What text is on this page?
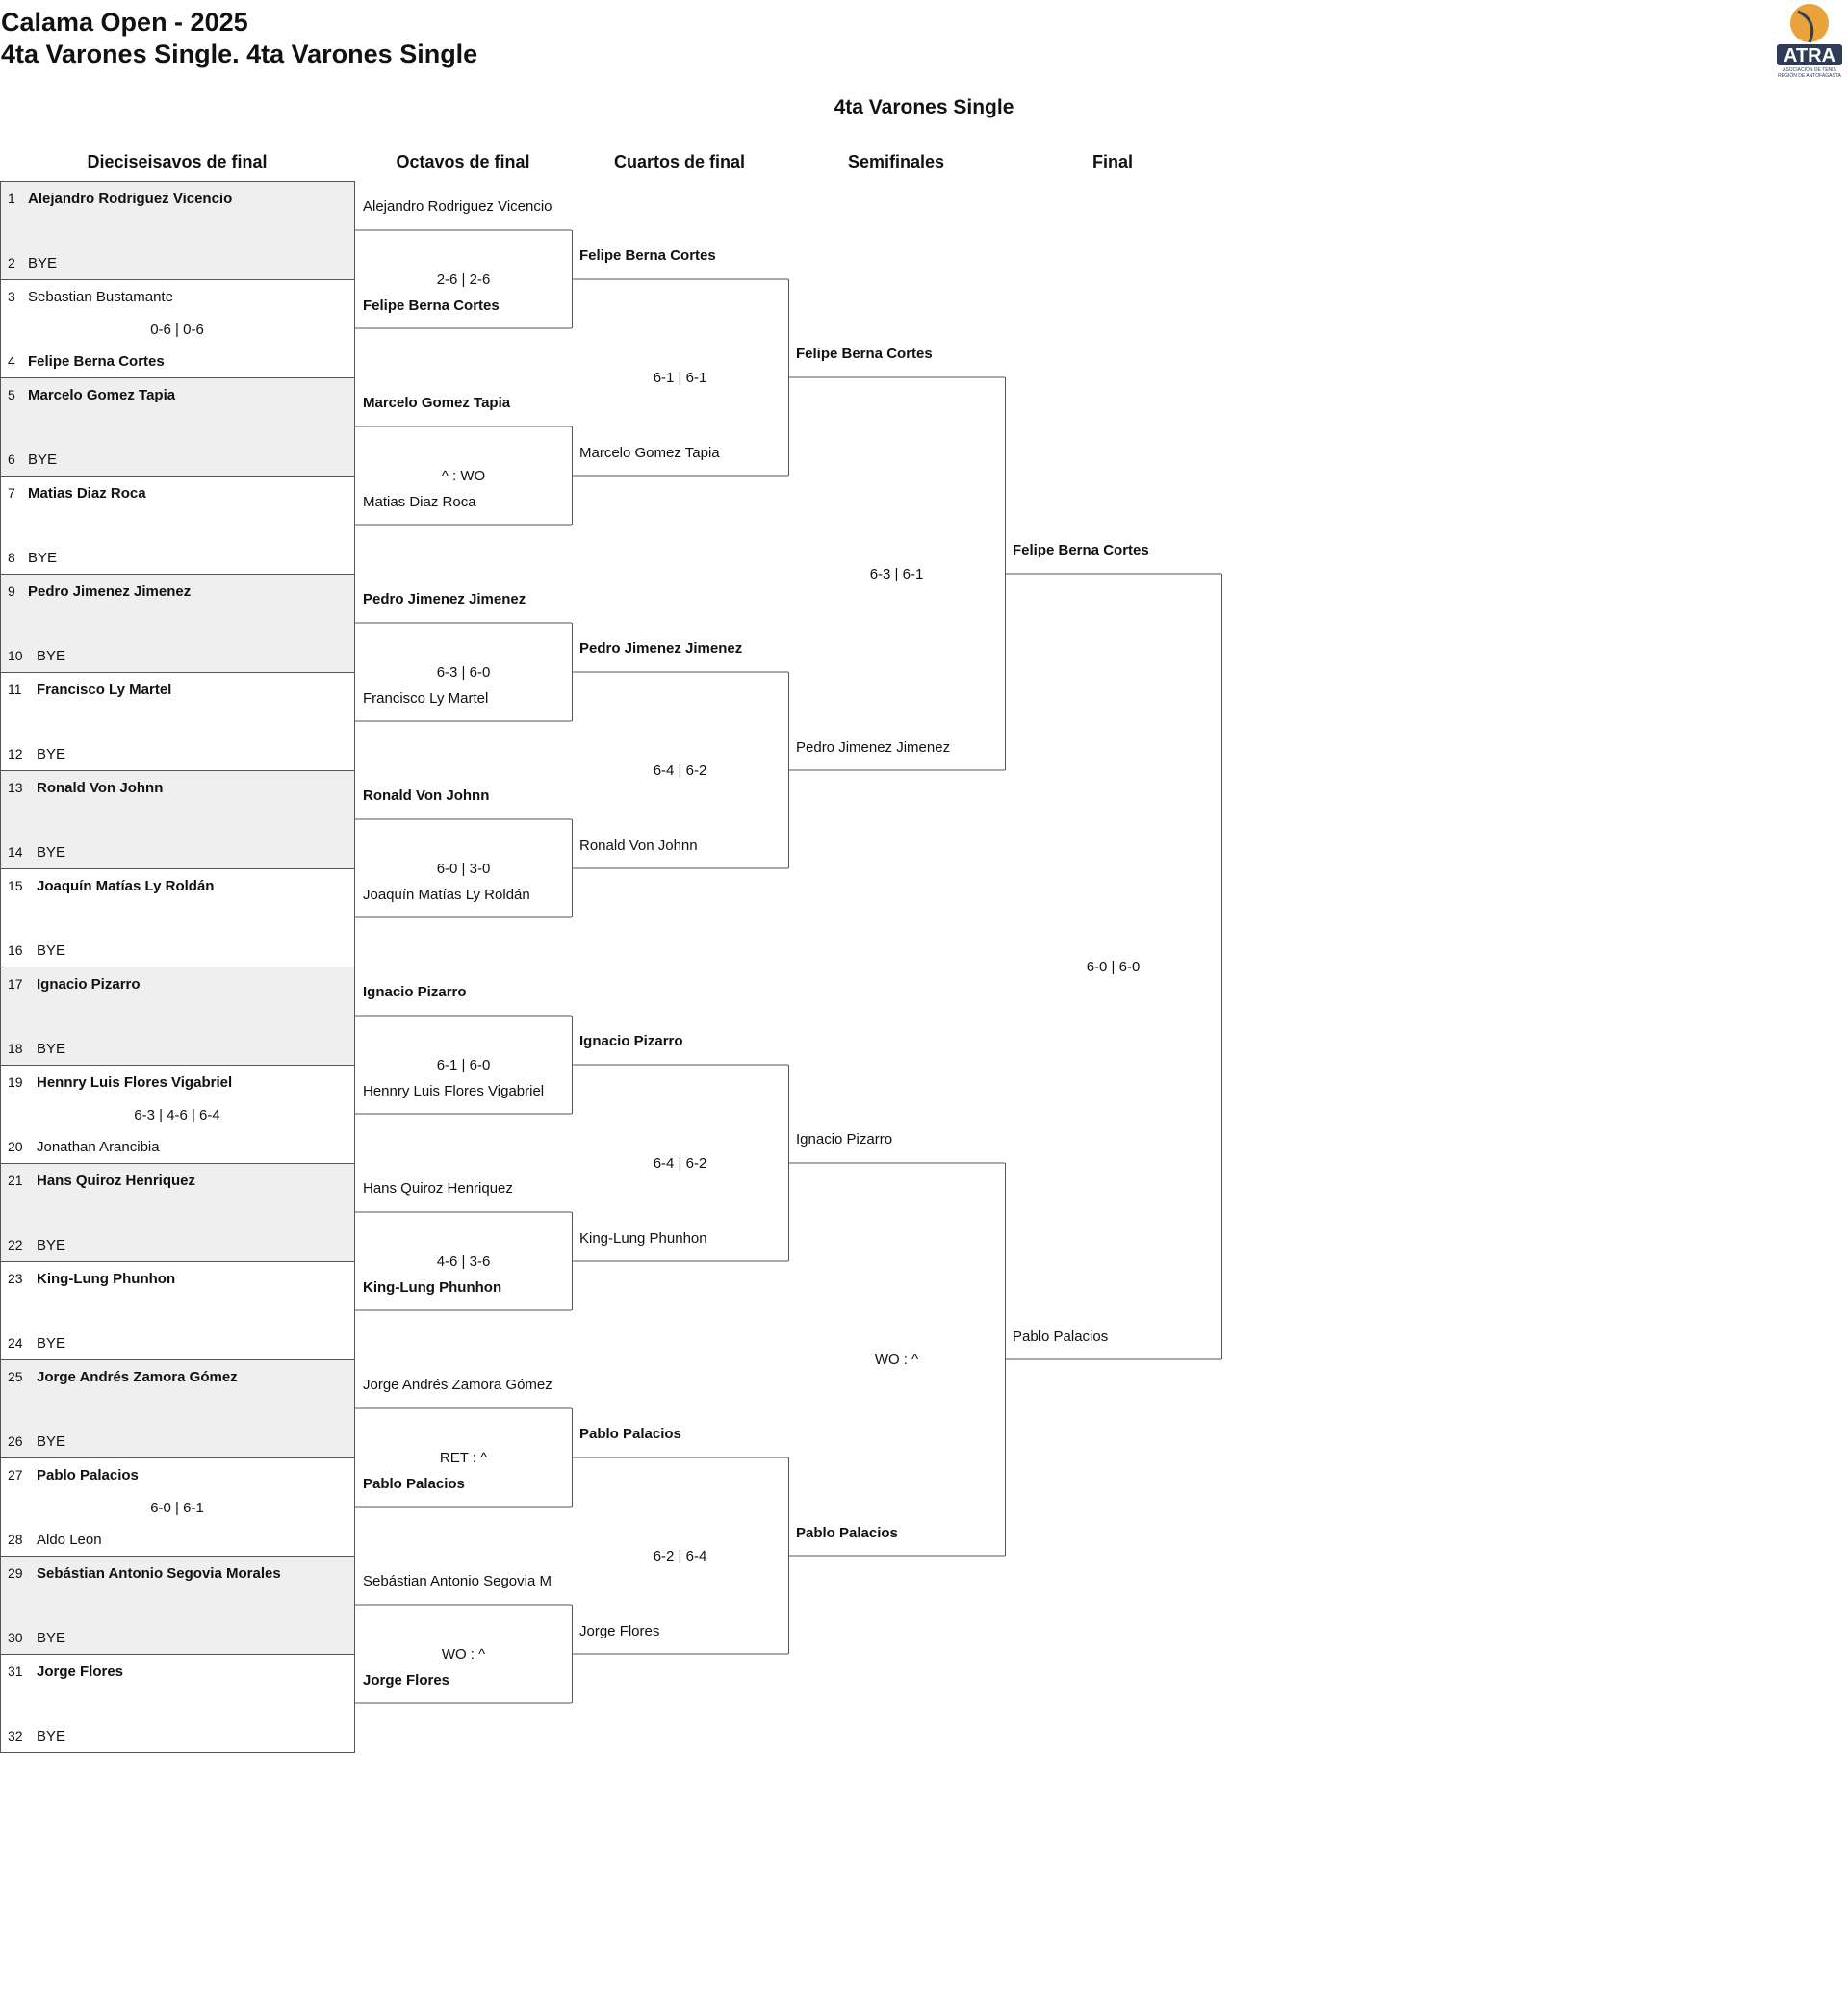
Calama Open - 2025
4ta Varones Single. 4ta Varones Single	ATRA
ASOCIACIÓN DE TENIS
REGIÓN DE ANTOFAGASTA
4ta Varones Single
Dieciseisavos de final	Octavos de final	Cuartos de final	Semifinales	Final
1 Alejandro Rodriguez Vicencio
2 BYE
3 Sebastian Bustamante
4 Felipe Berna Cortes
0-6 | 0-6
5 Marcelo Gomez Tapia
6 BYE
7 Matias Diaz Roca
8 BYE
9 Pedro Jimenez Jimenez
10 BYE
11 Francisco Ly Martel
12 BYE
13 Ronald Von Johnn
14 BYE
15 Joaquín Matías Ly Roldán
16 BYE
17 Ignacio Pizarro
18 BYE
19 Hennry Luis Flores Vigabriel
20 Jonathan Arancibia
6-3 | 4-6 | 6-4
21 Hans Quiroz Henriquez
22 BYE
23 King-Lung Phunhon
24 BYE
25 Jorge Andrés Zamora Gómez
26 BYE
27 Pablo Palacios
28 Aldo Leon
6-0 | 6-1
29 Sebástian Antonio Segovia Morales
30 BYE
31 Jorge Flores
32 BYE
Alejandro Rodriguez Vicencio
Felipe Berna Cortes
2-6 | 2-6
Marcelo Gomez Tapia
Matias Diaz Roca
^ : WO
Pedro Jimenez Jimenez
Francisco Ly Martel
6-3 | 6-0
Ronald Von Johnn
Joaquín Matías Ly Roldán
6-0 | 3-0
Ignacio Pizarro
Hennry Luis Flores Vigabriel
6-1 | 6-0
Hans Quiroz Henriquez
King-Lung Phunhon
4-6 | 3-6
Jorge Andrés Zamora Gómez
Pablo Palacios
RET : ^
Sebástian Antonio Segovia M
Jorge Flores
WO : ^
Felipe Berna Cortes
Marcelo Gomez Tapia
6-1 | 6-1
Pedro Jimenez Jimenez
Ronald Von Johnn
6-4 | 6-2
Ignacio Pizarro
King-Lung Phunhon
6-4 | 6-2
Pablo Palacios
Jorge Flores
6-2 | 6-4
Felipe Berna Cortes
Pedro Jimenez Jimenez
6-3 | 6-1
Ignacio Pizarro
Pablo Palacios
WO : ^
Felipe Berna Cortes
Pablo Palacios
6-0 | 6-0
